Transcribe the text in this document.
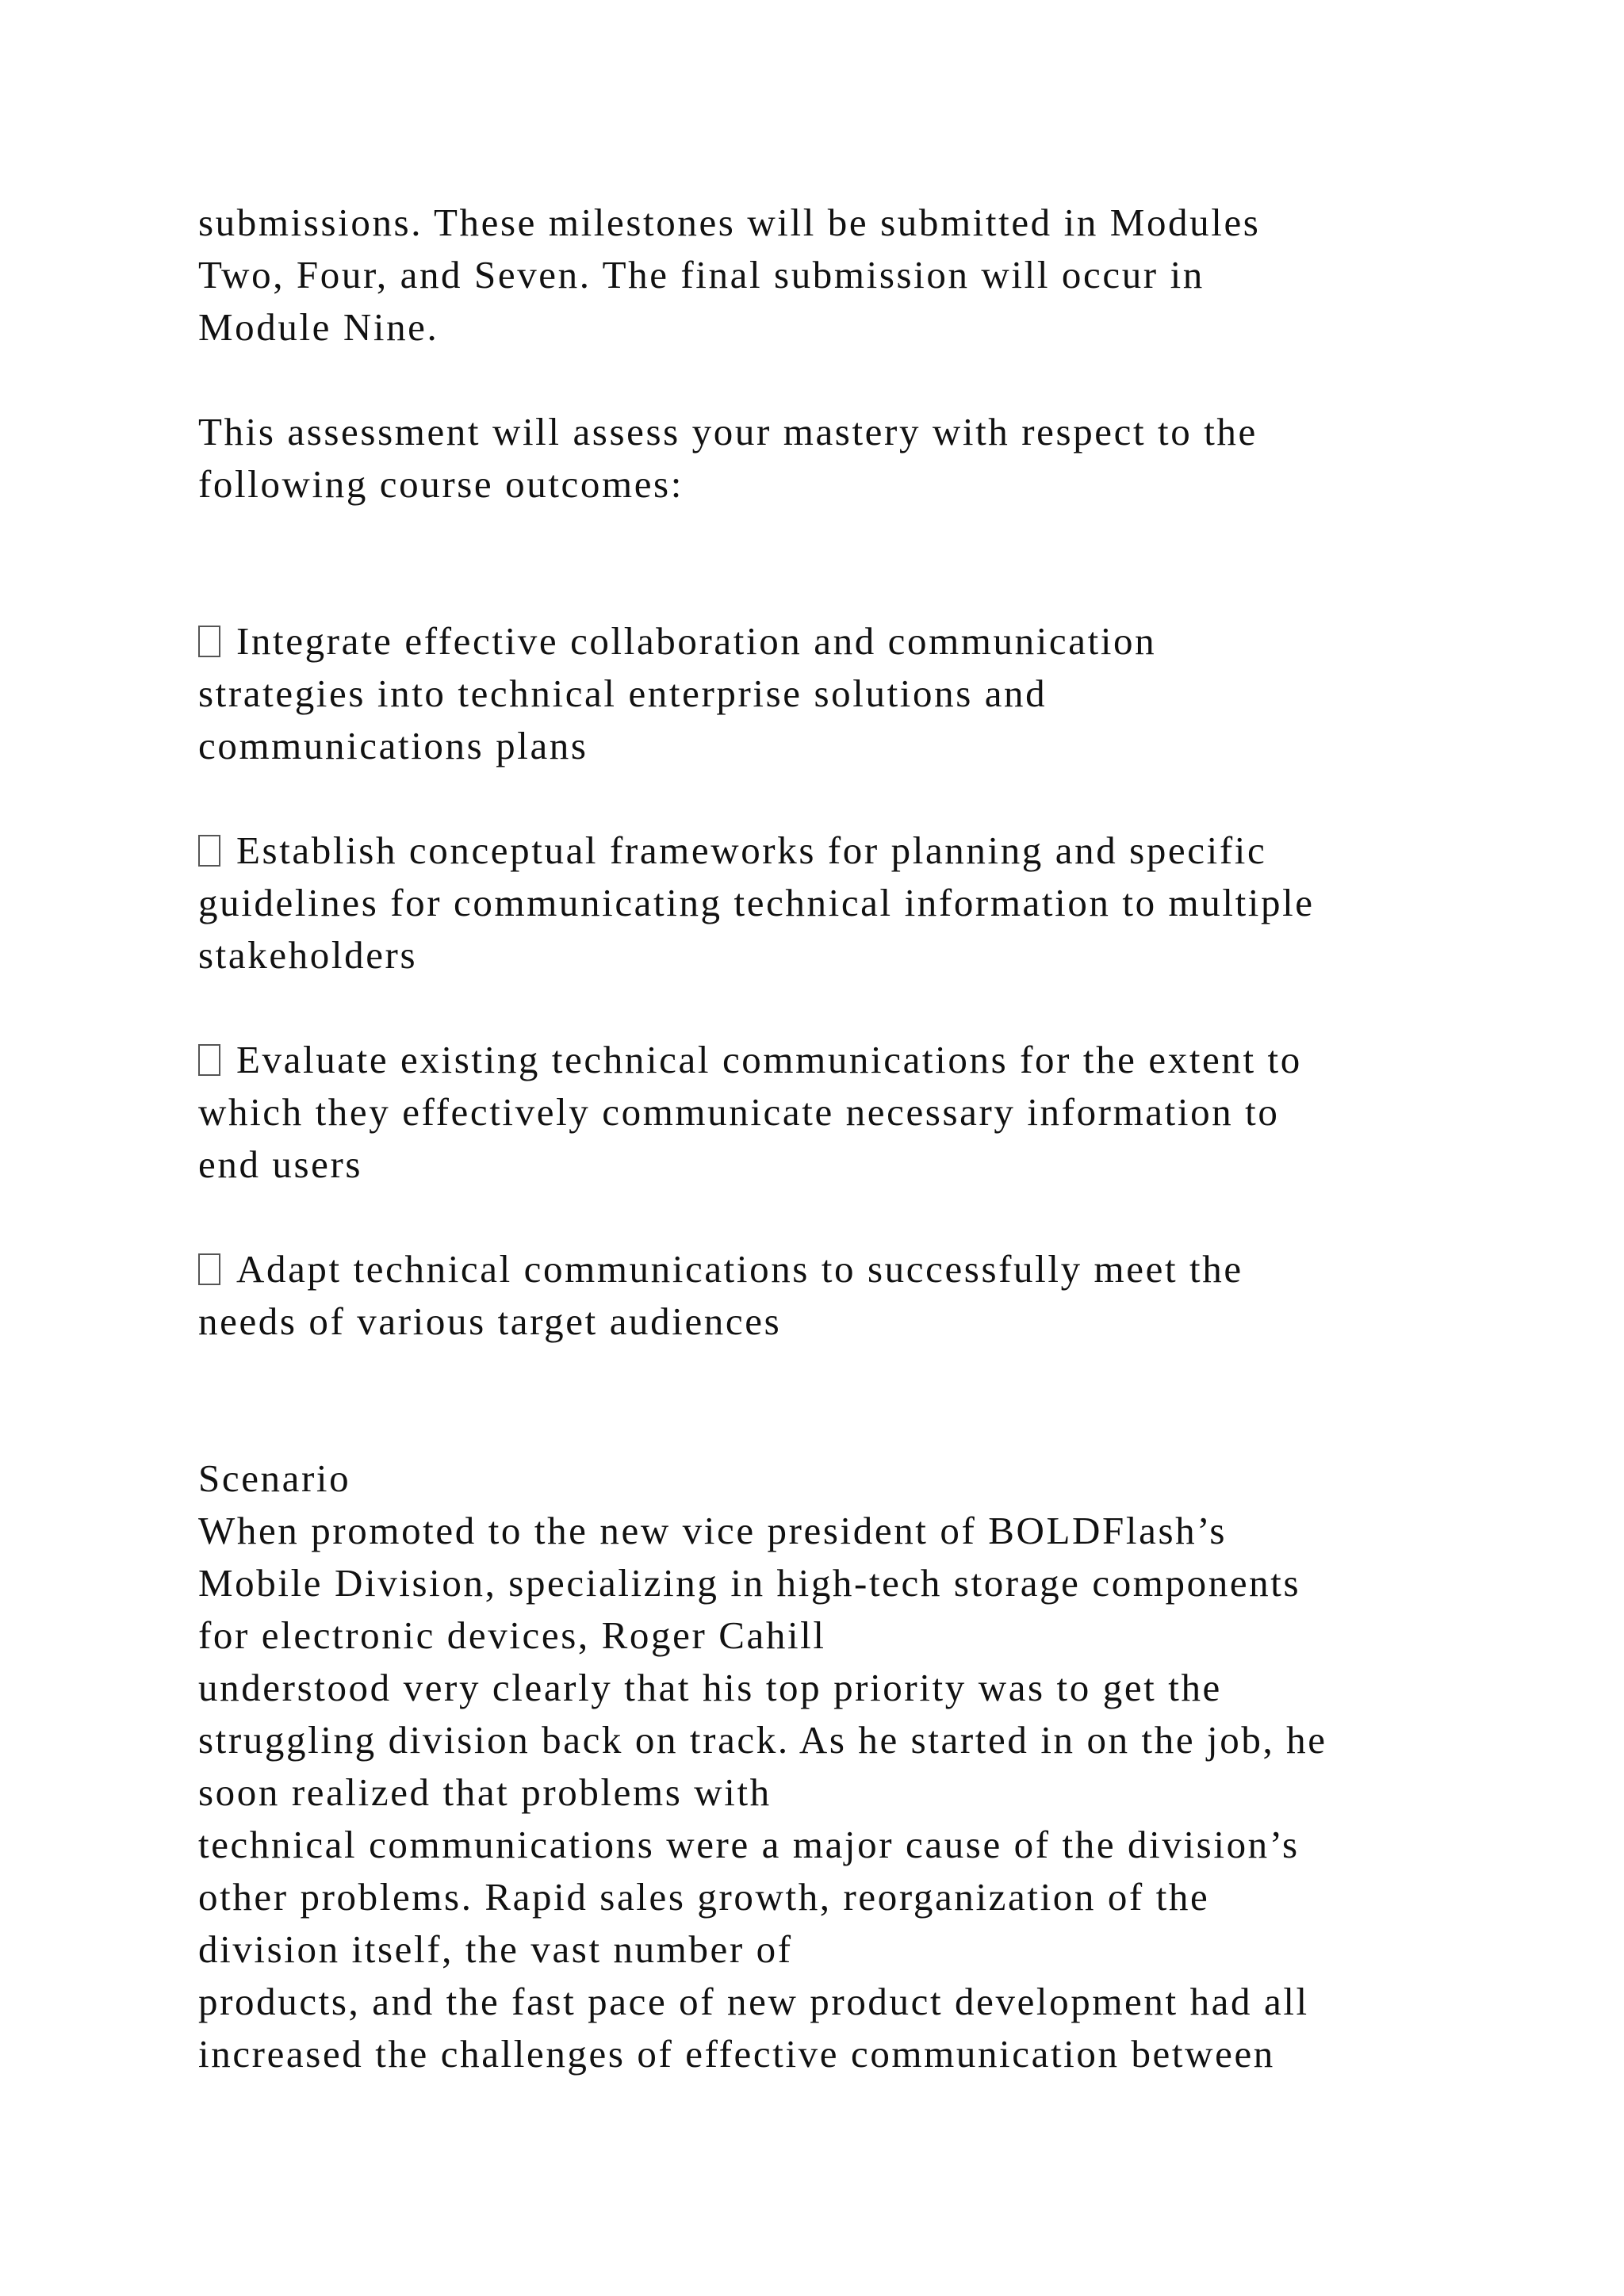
submissions. These milestones will be submitted in Modules
Two, Four, and Seven. The final submission will occur in
Module Nine.
This assessment will assess your mastery with respect to the
following course outcomes:
Integrate effective collaboration and communication
strategies into technical enterprise solutions and
communications plans
Establish conceptual frameworks for planning and specific
guidelines for communicating technical information to multiple
stakeholders
Evaluate existing technical communications for the extent to
which they effectively communicate necessary information to
end users
Adapt technical communications to successfully meet the
needs of various target audiences
Scenario
When promoted to the new vice president of BOLDFlash’s
Mobile Division, specializing in high-tech storage components
for electronic devices, Roger Cahill
understood very clearly that his top priority was to get the
struggling division back on track. As he started in on the job, he
soon realized that problems with
technical communications were a major cause of the division’s
other problems. Rapid sales growth, reorganization of the
division itself, the vast number of
products, and the fast pace of new product development had all
increased the challenges of effective communication between
